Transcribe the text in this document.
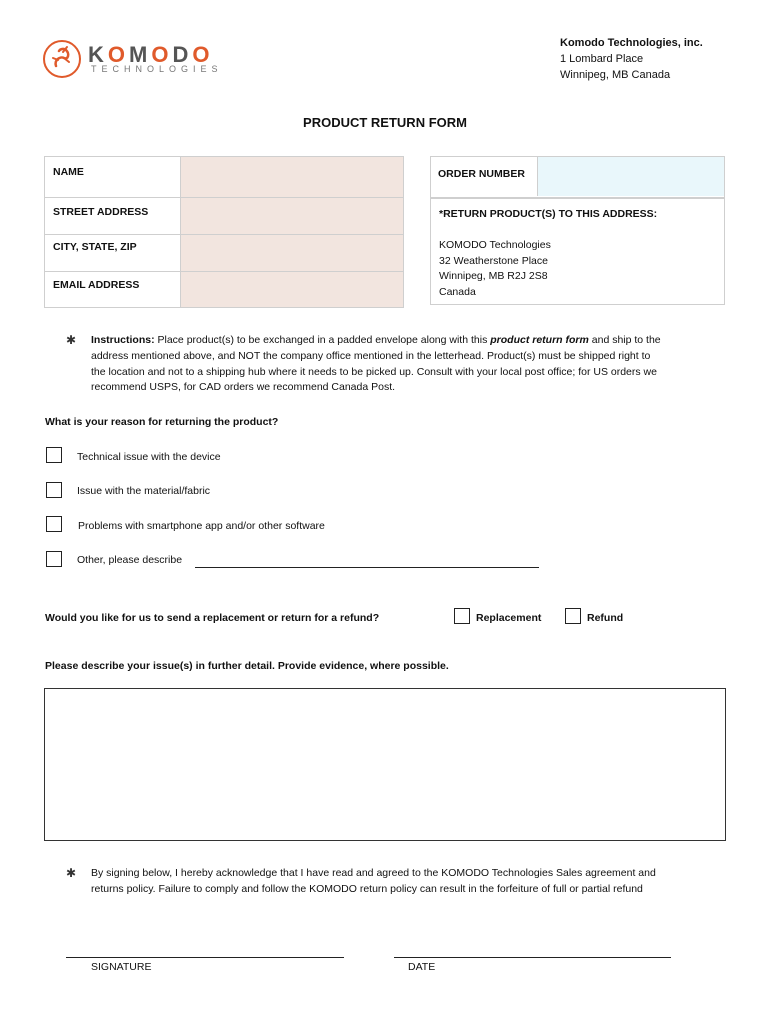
KOMODO
TECHNOLOGIES
Komodo Technologies, inc.
1 Lombard Place
Winnipeg, MB Canada
PRODUCT RETURN FORM
NAME
STREET ADDRESS
CITY, STATE, ZIP
EMAIL ADDRESS
ORDER NUMBER
*RETURN PRODUCT(S) TO THIS ADDRESS:
KOMODO Technologies
32 Weatherstone Place
Winnipeg, MB R2J 2S8
Canada
✱ Instructions: Place product(s) to be exchanged in a padded envelope along with this product return form and ship to the
address mentioned above, and NOT the company office mentioned in the letterhead. Product(s) must be shipped right to
the location and not to a shipping hub where it needs to be picked up. Consult with your local post office; for US orders we
recommend USPS, for CAD orders we recommend Canada Post.
What is your reason for returning the product?
Technical issue with the device
Issue with the material/fabric
Problems with smartphone app and/or other software
Other, please describe
Would you like for us to send a replacement or return for a refund?	Replacement	Refund
Please describe your issue(s) in further detail. Provide evidence, where possible.
✱ By signing below, I hereby acknowledge that I have read and agreed to the KOMODO Technologies Sales agreement and
returns policy. Failure to comply and follow the KOMODO return policy can result in the forfeiture of full or partial refund
SIGNATURE	DATE
